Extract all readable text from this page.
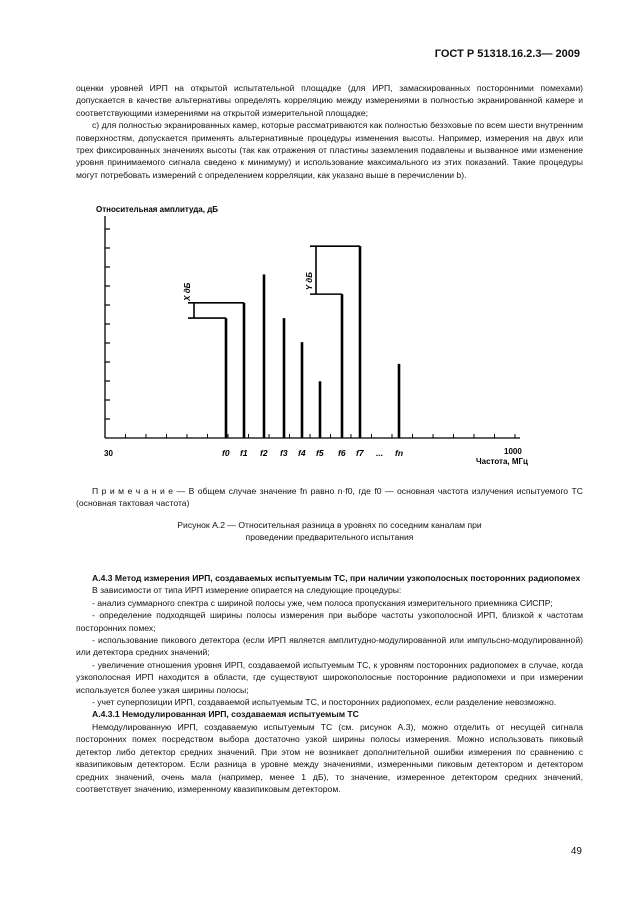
ГОСТ Р 51318.16.2.3— 2009

оценки уровней ИРП на открытой испытательной площадке (для ИРП, замаскированных посторонними помехами) допускается в качестве альтернативы определять корреляцию между измерениями в полностью экранированной камере и соответствующими измерениями на открытой измерительной площадке;

с) для полностью экранированных камер, которые рассматриваются как полностью безэховые по всем шести внутренним поверхностям, допускается применять альтернативные процедуры изменения высоты. Например, измерения на двух или трех фиксированных значениях высоты (так как отражения от пластины заземления подавлены и вызванное ими изменение уровня принимаемого сигнала сведено к минимуму) и использование максимального из этих показаний. Такие процедуры могут потребовать измерений с определением корреляции, как указано выше в перечислении b).

Относительная амплитуда, дБ
f0 f1 f2 f3 f4 f5 f6 f7 ... fn
X дБ
Y дБ
30	1000
Частота, МГц

П р и м е ч а н и е — В общем случае значение fn равно n·f0, где f0 — основная частота излучения испытуемого ТС (основная тактовая частота)

Рисунок А.2 — Относительная разница в уровнях по соседним каналам при
проведении предварительного испытания

А.4.3 Метод измерения ИРП, создаваемых испытуемым ТС, при наличии узкополосных посторонних радиопомех

В зависимости от типа ИРП измерение опирается на следующие процедуры:

- анализ суммарного спектра с шириной полосы уже, чем полоса пропускания измерительного приемника СИСПР;

- определение подходящей ширины полосы измерения при выборе частоты узкополосной ИРП, близкой к частотам посторонних помех;

- использование пикового детектора (если ИРП является амплитудно-модулированной или импульсно-модулированной) или детектора средних значений;

- увеличение отношения уровня ИРП, создаваемой испытуемым ТС, к уровням посторонних радиопомех в случае, когда узкополосная ИРП находится в области, где существуют широкополосные посторонние радиопомехи и при измерении используется более узкая ширины полосы;

- учет суперпозиции ИРП, создаваемой испытуемым ТС, и посторонних радиопомех, если разделение невозможно.

А.4.3.1 Немодулированная ИРП, создаваемая испытуемым ТС

Немодулированную ИРП, создаваемую испытуемым ТС (см. рисунок А.3), можно отделить от несущей сигнала посторонних помех посредством выбора достаточно узкой ширины полосы измерения. Можно использовать пиковый детектор либо детектор средних значений. При этом не возникает дополнительной ошибки измерения по сравнению с квазипиковым детектором. Если разница в уровне между значениями, измеренными пиковым детектором и детектором средних значений, очень мала (например, менее 1 дБ), то значение, измеренное детектором средних значений, соответствует значению, измеренному квазипиковым детектором.

49
